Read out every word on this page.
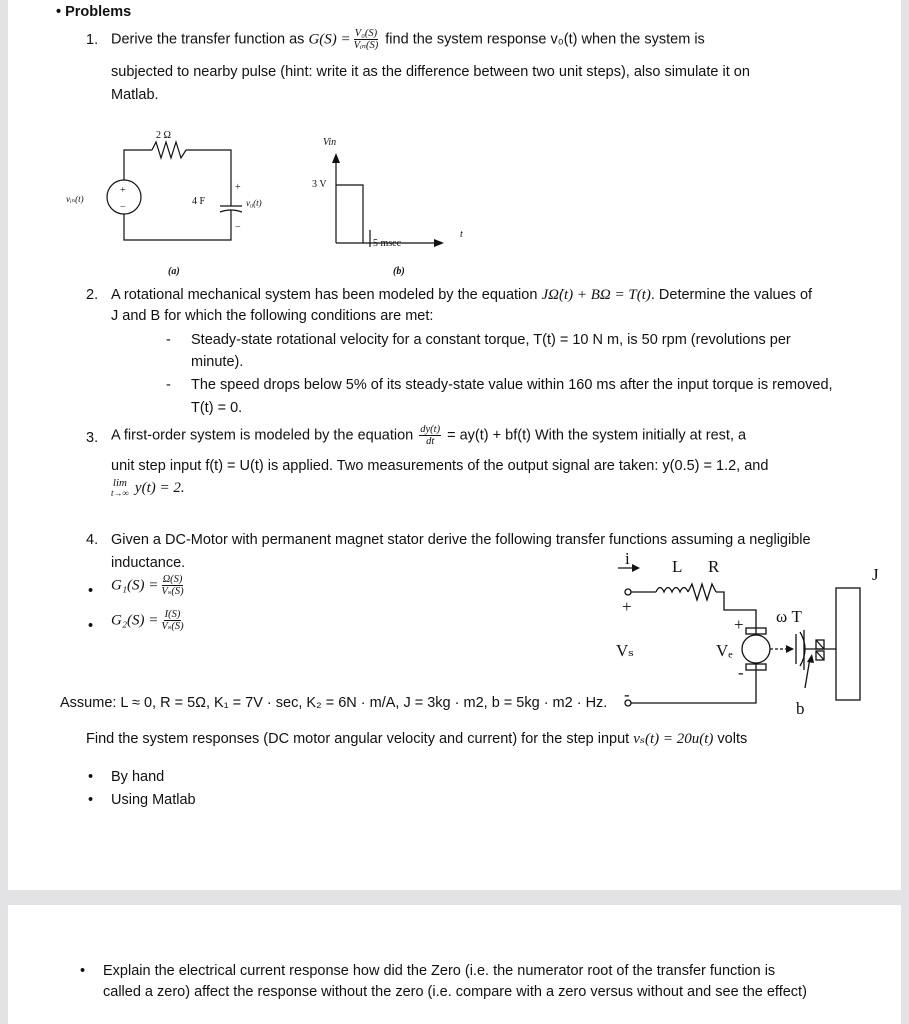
• Problems
1. Derive the transfer function as $G(S) = \frac{\text{V₀(S)}}{\text{Vᵢₙ(S)}}$ find the system response v₀(t) when the system is
subjected to nearby pulse (hint: write it as the difference between two unit steps), also simulate it on
Matlab.
2 Ω
4 F
vᵢₙ(t)	v₀(t)
+
−
+
−
(a)
Vin
3 V
5 msec
t
(b)
2. A rotational mechanical system has been modeled by the equation JΩ̇(t) + BΩ = T(t). Determine the values of
J and B for which the following conditions are met:
- Steady-state rotational velocity for a constant torque, T(t) = 10 N m, is 50 rpm (revolutions per
minute).
- The speed drops below 5% of its steady-state value within 160 ms after the input torque is removed,
T(t) = 0.
3. A first-order system is modeled by the equation $\frac{dy(t)}{dt} = ay(t) + bf(t)$ With the system initially at rest, a
unit step input f(t) = U(t) is applied. Two measurements of the output signal are taken: y(0.5) = 1.2, and
lim
t→∞ y(t) = 2.
4. Given a DC-Motor with permanent magnet stator derive the following transfer functions assuming a negligible
inductance.
• $G_1(S) = \frac{\Omega(S)}{\text{Vₛ(S)}}$
• $G_2(S) = \frac{I(S)}{\text{Vₛ(S)}}$
i L R	J
ω T
Vₛ	Vₑ
b
+
-
+
-
Assume: L ≈ 0, R = 5Ω, K₁ = 7V · sec, K₂ = 6N · m/A, J = 3kg · m2, b = 5kg · m2 · Hz.
Find the system responses (DC motor angular velocity and current) for the step input vₛ(t) = 20u(t) volts
• By hand
• Using Matlab
• Explain the electrical current response how did the Zero (i.e. the numerator root of the transfer function is
called a zero) affect the response without the zero (i.e. compare with a zero versus without and see the effect)
